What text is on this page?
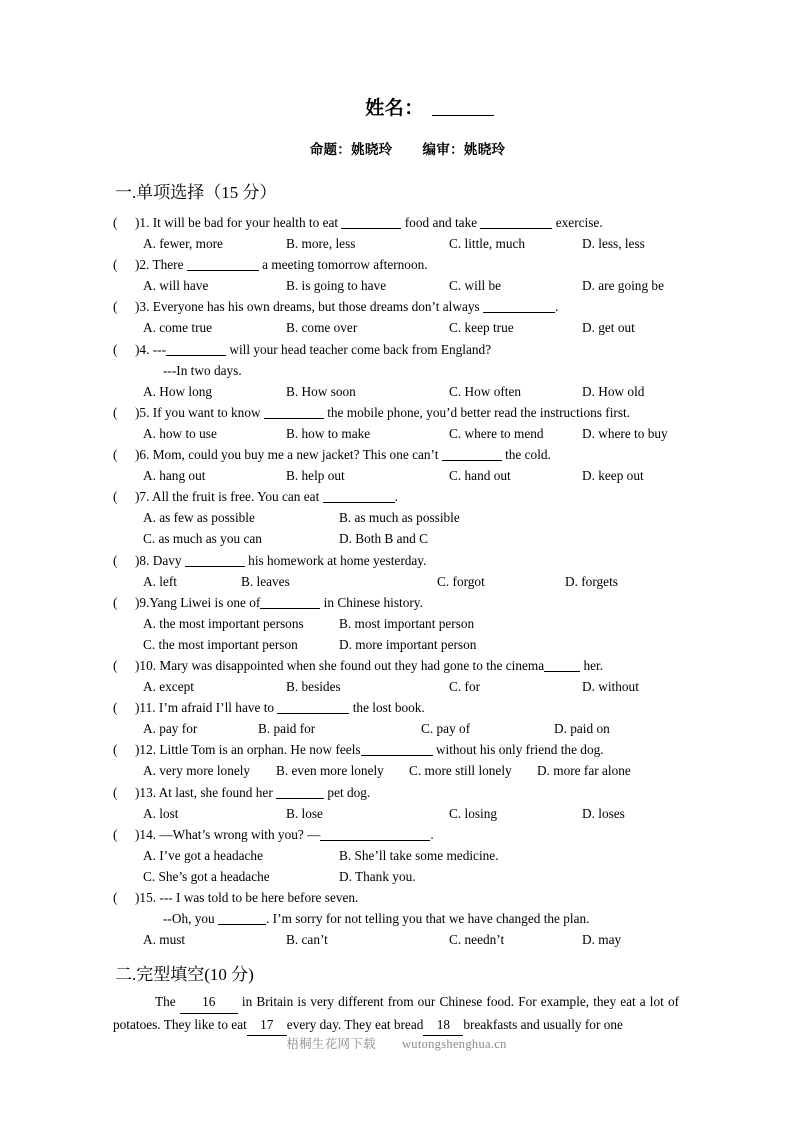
姓名：
命题：姚晓玲 编审：姚晓玲
一.单项选择（15 分）
()1. It will be bad for your health to eat	food and take	exercise.
A. fewer, more	B. more, less	C. little, much	D. less, less
()2. There	a meeting tomorrow afternoon.
A. will have	B. is going to have	C. will be	D. are going be
()3. Everyone has his own dreams, but those dreams don’t always	.
A. come true	B. come over	C. keep true	D. get out
()4. ---	will your head teacher come back from England?
---In two days.
A. How long	B. How soon	C. How often	D. How old
()5. If you want to know	the mobile phone, you’d better read the instructions first.
A. how to use	B. how to make	C. where to mend	D. where to buy
()6. Mom, could you buy me a new jacket? This one can’t	the cold.
A. hang out	B. help out	C. hand out	D. keep out
()7. All the fruit is free. You can eat	.
A. as few as possible	B. as much as possible
C. as much as you can	D. Both B and C
()8. Davy	his homework at home yesterday.
A. left	B. leaves	C. forgot	D. forgets
()9.Yang Liwei is one of	in Chinese history.
A. the most important persons	B. most important person
C. the most important person	D. more important person
()10. Mary was disappointed when she found out they had gone to the cinema	her.
A. except	B. besides	C. for	D. without
()11. I’m afraid I’ll have to	the lost book.
A. pay for	B. paid for	C. pay of	D. paid on
()12. Little Tom is an orphan. He now feels	without his only friend the dog.
A. very more lonely B. even more lonely C. more still lonely D. more far alone
()13. At last, she found her	pet dog.
A. lost	B. lose	C. losing	D. loses
()14. —What’s wrong with you? —	.
A. I’ve got a headache	B. She’ll take some medicine.
C. She’s got a headache	D. Thank you.
()15. --- I was told to be here before seven.
--Oh, you	. I’m sorry for not telling you that we have changed the plan.
A. must	B. can’t	C. needn’t	D. may
二.完型填空(10 分)
The 16 in Britain is very different from our Chinese food. For example, they eat a lot of potatoes. They like to eat 17 every day. They eat bread 18 breakfasts and usually for one
梧桐生花网下载 wutongshenghua.cn
